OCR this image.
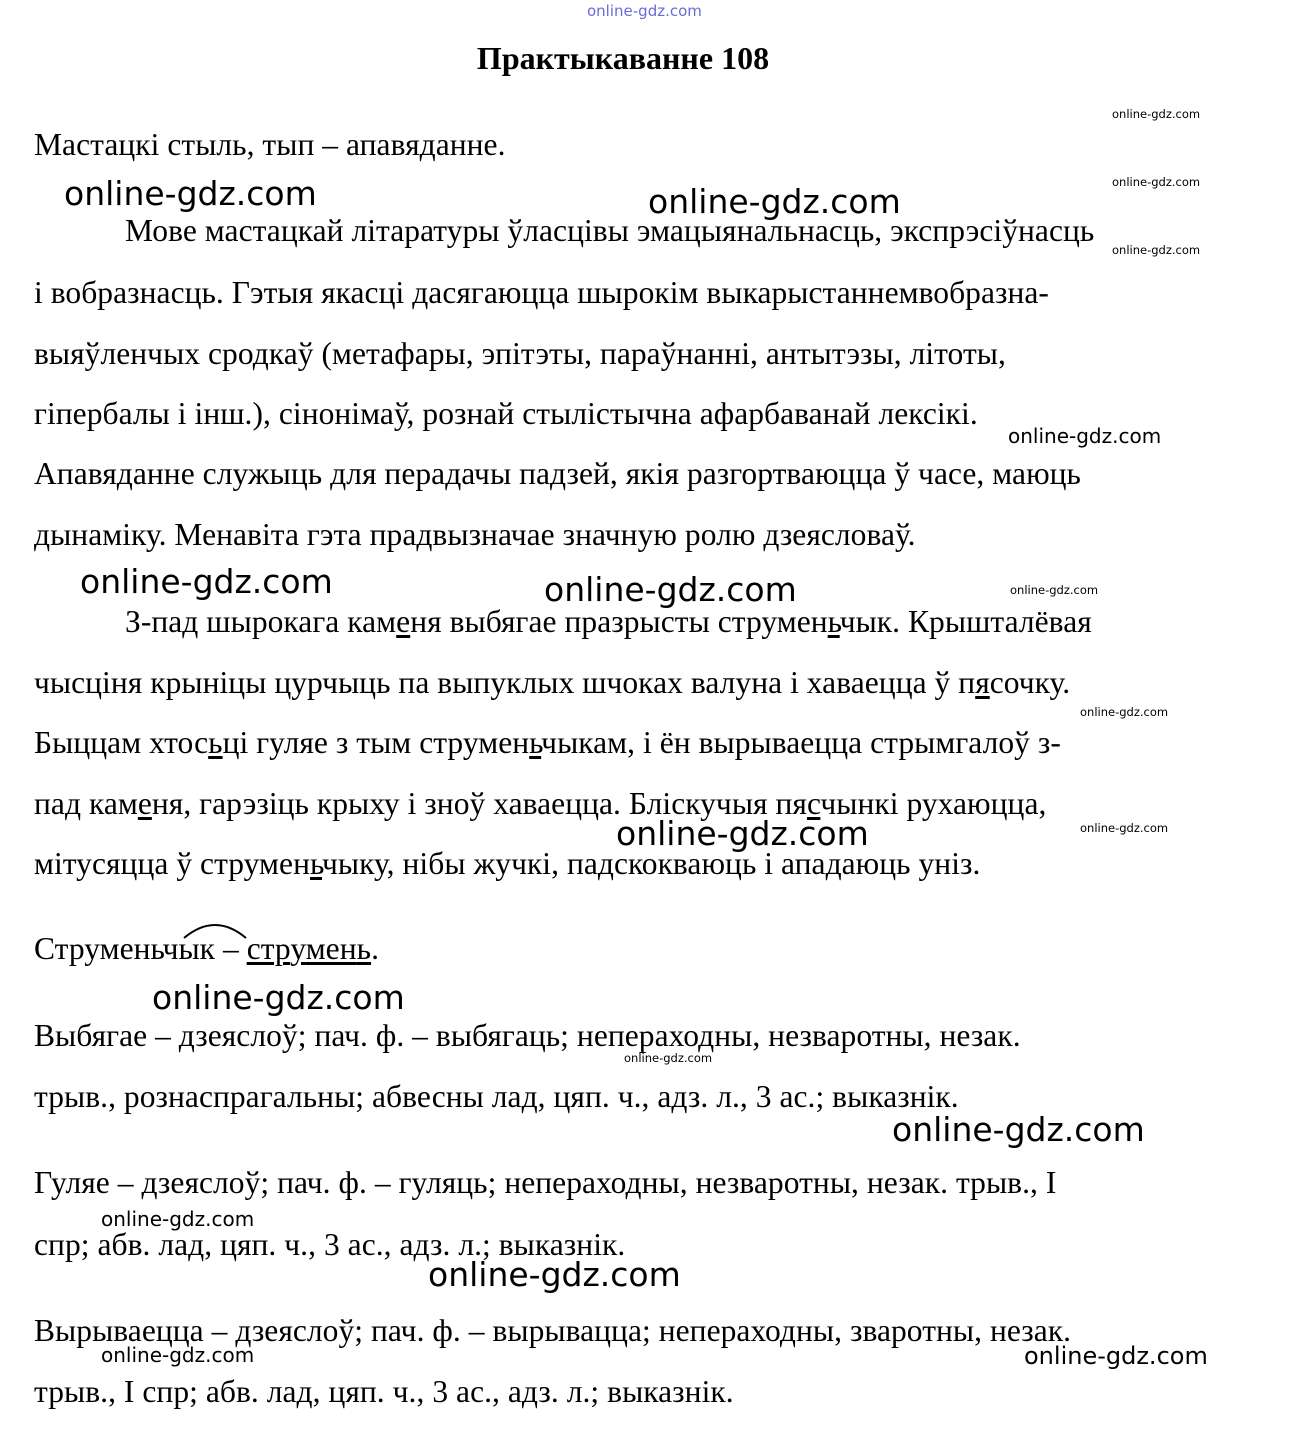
online-gdz.com
Практыкаванне 108
Мастацкі стыль, тып – апавяданне.
Мове мастацкай літаратуры ўласцівы эмацыянальнасць, экспрэсіўнасць
і вобразнасць. Гэтыя якасці дасягаюцца шырокім выкарыстаннемвобразна-
выяўленчых сродкаў (метафары, эпітэты, параўнанні, антытэзы, літоты,
гіпербалы і інш.), сінонімаў, рознай стылістычна афарбаванай лексікі.
Апавяданне служыць для перадачы падзей, якія разгортваюцца ў часе, маюць
дынаміку. Менавіта гэта прадвызначае значную ролю дзеясловаў.
З-пад шырокага каменя выбягае празрысты струменьчык. Крышталёвая
чысціня крыніцы цурчыць па выпуклых шчоках валуна і хаваецца ў пясочку.
Быццам хтосьці гуляе з тым струменьчыкам, і ён вырываецца стрымгалоў з-
пад каменя, гарэзіць крыху і зноў хаваецца. Бліскучыя пясчынкі рухаюцца,
мітусяцца ў струменьчыку, нібы жучкі, падскокваюць і ападаюць уніз.
Струменьчык – струмень.
Выбягае – дзеяслоў; пач. ф. – выбягаць; непераходны, незваротны, незак.
трыв., рознаспрагальны; абвесны лад, цяп. ч., адз. л., 3 ас.; выказнік.
Гуляе – дзеяслоў; пач. ф. – гуляць; непераходны, незваротны, незак. трыв., I
спр; абв. лад, цяп. ч., 3 ас., адз. л.; выказнік.
Вырываецца – дзеяслоў; пач. ф. – вырывацца; непераходны, зваротны, незак.
трыв., I спр; абв. лад, цяп. ч., 3 ас., адз. л.; выказнік.
online-gdz.com
online-gdz.com	online-gdz.com
online-gdz.com
online-gdz.com
online-gdz.com
online-gdz.com	online-gdz.com	online-gdz.com
online-gdz.com
online-gdz.com	online-gdz.com
online-gdz.com
online-gdz.com
online-gdz.com
online-gdz.com
online-gdz.com
online-gdz.com	online-gdz.com
